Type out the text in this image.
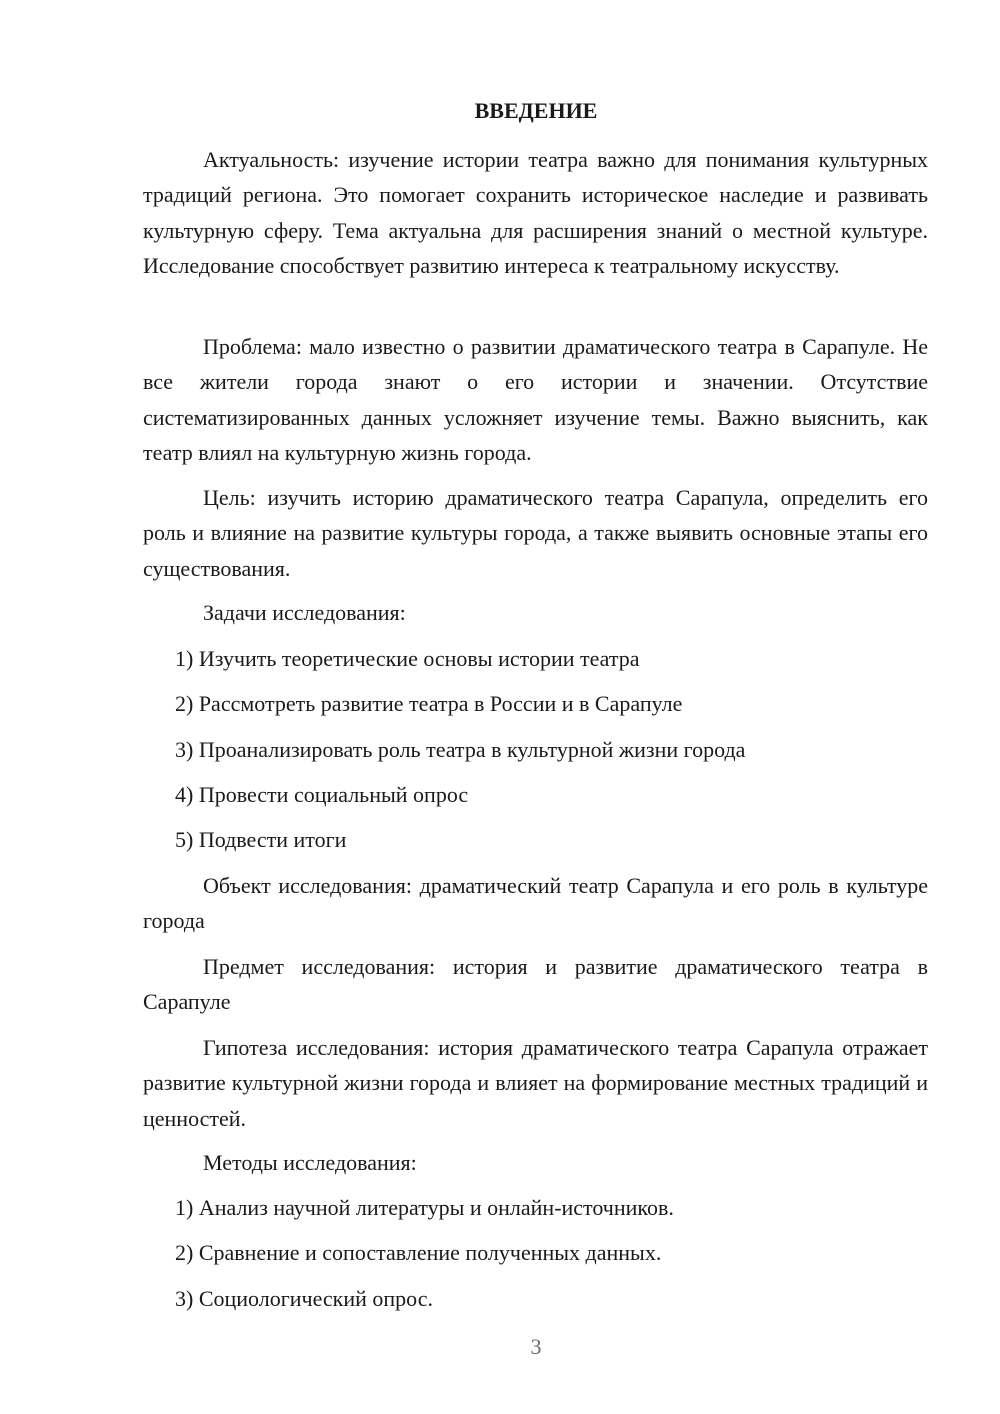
ВВЕДЕНИЕ

Актуальность: изучение истории театра важно для понимания культурных традиций региона. Это помогает сохранить историческое наследие и развивать культурную сферу. Тема актуальна для расширения знаний о местной культуре. Исследование способствует развитию интереса к театральному искусству.

Проблема: мало известно о развитии драматического театра в Сарапуле. Не все жители города знают о его истории и значении. Отсутствие систематизированных данных усложняет изучение темы. Важно выяснить, как театр влиял на культурную жизнь города.

Цель: изучить историю драматического театра Сарапула, определить его роль и влияние на развитие культуры города, а также выявить основные этапы его существования.

Задачи исследования:

1) Изучить теоретические основы истории театра

2) Рассмотреть развитие театра в России и в Сарапуле

3) Проанализировать роль театра в культурной жизни города

4) Провести социальный опрос

5) Подвести итоги

Объект исследования: драматический театр Сарапула и его роль в культуре города

Предмет исследования: история и развитие драматического театра в Сарапуле

Гипотеза исследования: история драматического театра Сарапула отражает развитие культурной жизни города и влияет на формирование местных традиций и ценностей.

Методы исследования:

1) Анализ научной литературы и онлайн-источников.

2) Сравнение и сопоставление полученных данных.

3) Социологический опрос.

3
